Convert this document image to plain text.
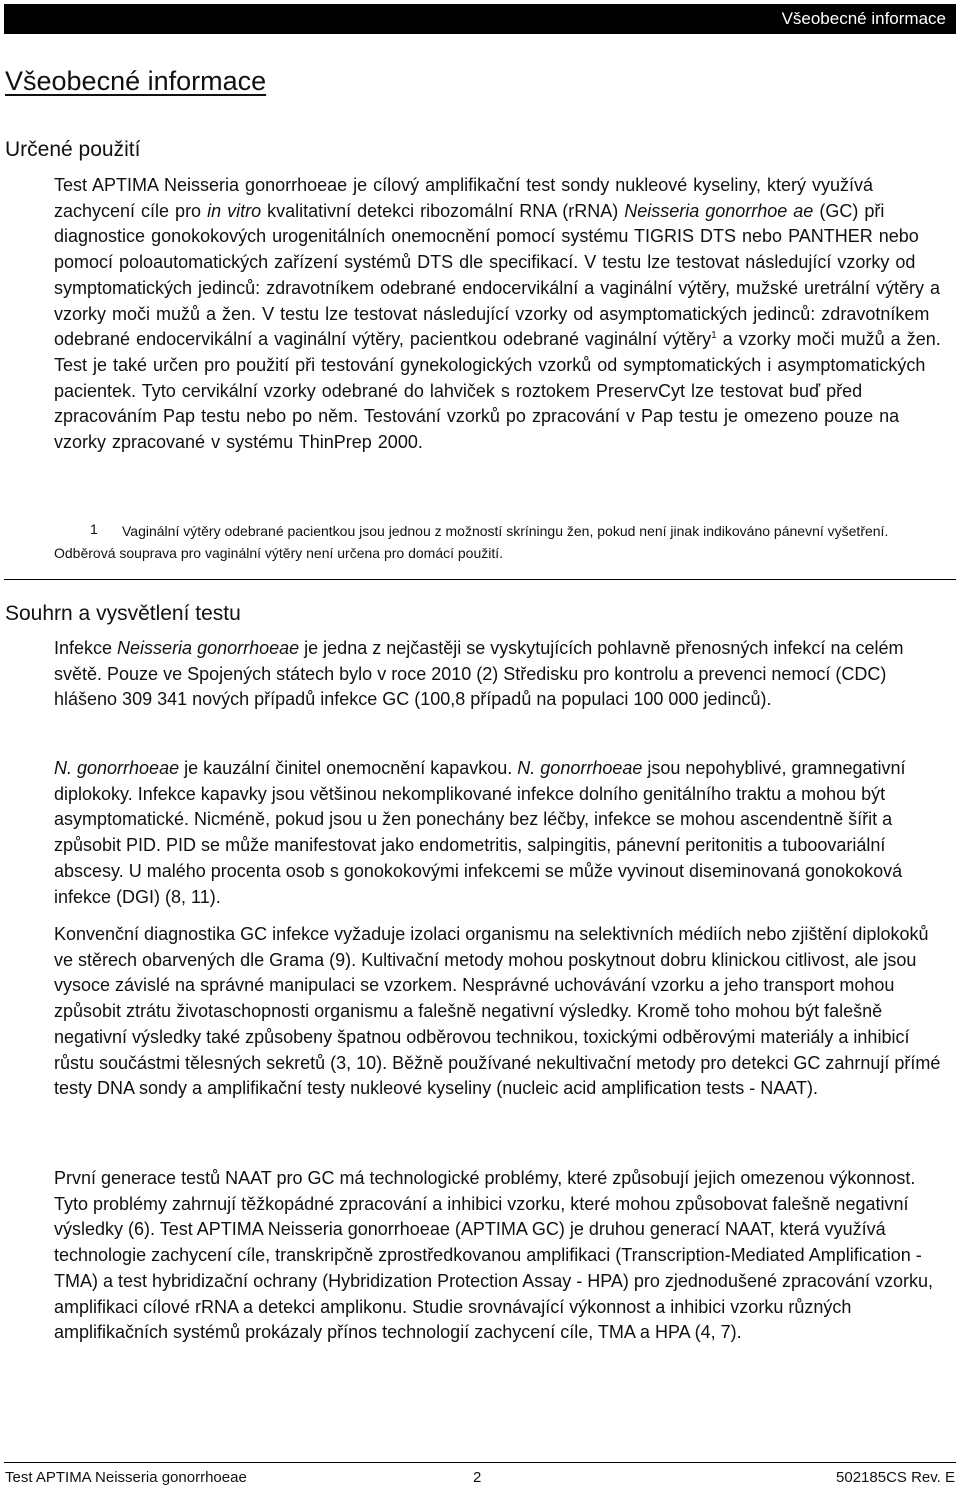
Všeobecné informace
Všeobecné informace
Určené použití

Test APTIMA Neisseria gonorrhoeae je cílový amplifikační test sondy nukleové kyseliny, který využívá zachycení cíle pro in vitro kvalitativní detekci ribozomální RNA (rRNA) Neisseria gonorrhoe ae (GC) při diagnostice gonokokových urogenitálních onemocnění pomocí systému TIGRIS DTS nebo PANTHER nebo pomocí poloautomatických zařízení systémů DTS dle specifikací. V testu lze testovat následující vzorky od symptomatických jedinců: zdravotníkem odebrané endocervikální a vaginální výtěry, mužské uretrální výtěry a vzorky moči mužů a žen. V testu lze testovat následující vzorky od asymptomatických jedinců: zdravotníkem odebrané endocervikální a vaginální výtěry, pacientkou odebrané vaginální výtěry$^1$ a vzorky moči mužů a žen. Test je také určen pro použití při testování gynekologických vzorků od symptomatických i asymptomatických pacientek. Tyto cervikální vzorky odebrané do lahviček s roztokem PreservCyt lze testovat buď před zpracováním Pap testu nebo po něm. Testování vzorků po zpracování v Pap testu je omezeno pouze na vzorky zpracované v systému ThinPrep 2000.

1	Vaginální výtěry odebrané pacientkou jsou jednou z možností skríningu žen, pokud není jinak indikováno pánevní vyšetření. Odběrová souprava pro vaginální výtěry není určena pro domácí použití.
Souhrn a vysvětlení testu

Infekce Neisseria gonorrhoeae je jedna z nejčastěji se vyskytujících pohlavně přenosných infekcí na celém světě. Pouze ve Spojených státech bylo v roce 2010 (2) Středisku pro kontrolu a prevenci nemocí (CDC) hlášeno 309 341 nových případů infekce GC (100,8 případů na populaci 100 000 jedinců).

N. gonorrhoeae je kauzální činitel onemocnění kapavkou. N. gonorrhoeae jsou nepohyblivé, gramnegativní diplokoky. Infekce kapavky jsou většinou nekomplikované infekce dolního genitálního traktu a mohou být asymptomatické. Nicméně, pokud jsou u žen ponechány bez léčby, infekce se mohou ascendentně šířit a způsobit PID. PID se může manifestovat jako endometritis, salpingitis, pánevní peritonitis a tuboovariální abscesy. U malého procenta osob s gonokokovými infekcemi se může vyvinout diseminovaná gonokoková infekce (DGI) (8, 11).

Konvenční diagnostika GC infekce vyžaduje izolaci organismu na selektivních médiích nebo zjištění diplokoků ve stěrech obarvených dle Grama (9). Kultivační metody mohou poskytnout dobru klinickou citlivost, ale jsou vysoce závislé na správné manipulaci se vzorkem. Nesprávné uchovávání vzorku a jeho transport mohou způsobit ztrátu životaschopnosti organismu a falešně negativní výsledky. Kromě toho mohou být falešně negativní výsledky také způsobeny špatnou odběrovou technikou, toxickými odběrovými materiály a inhibicí růstu součástmi tělesných sekretů (3, 10). Běžně používané nekultivační metody pro detekci GC zahrnují přímé testy DNA sondy a amplifikační testy nukleové kyseliny (nucleic acid amplification tests - NAAT).

První generace testů NAAT pro GC má technologické problémy, které způsobují jejich omezenou výkonnost. Tyto problémy zahrnují těžkopádné zpracování a inhibici vzorku, které mohou způsobovat falešně negativní výsledky (6). Test APTIMA Neisseria gonorrhoeae (APTIMA GC) je druhou generací NAAT, která využívá technologie zachycení cíle, transkripčně zprostředkovanou amplifikaci (Transcription-Mediated Amplification - TMA) a test hybridizační ochrany (Hybridization Protection Assay - HPA) pro zjednodušené zpracování vzorku, amplifikaci cílové rRNA a detekci amplikonu. Studie srovnávající výkonnost a inhibici vzorku různých amplifikačních systémů prokázaly přínos technologií zachycení cíle, TMA a HPA (4, 7).

Test APTIMA Neisseria gonorrhoeae	2	502185CS Rev. E
